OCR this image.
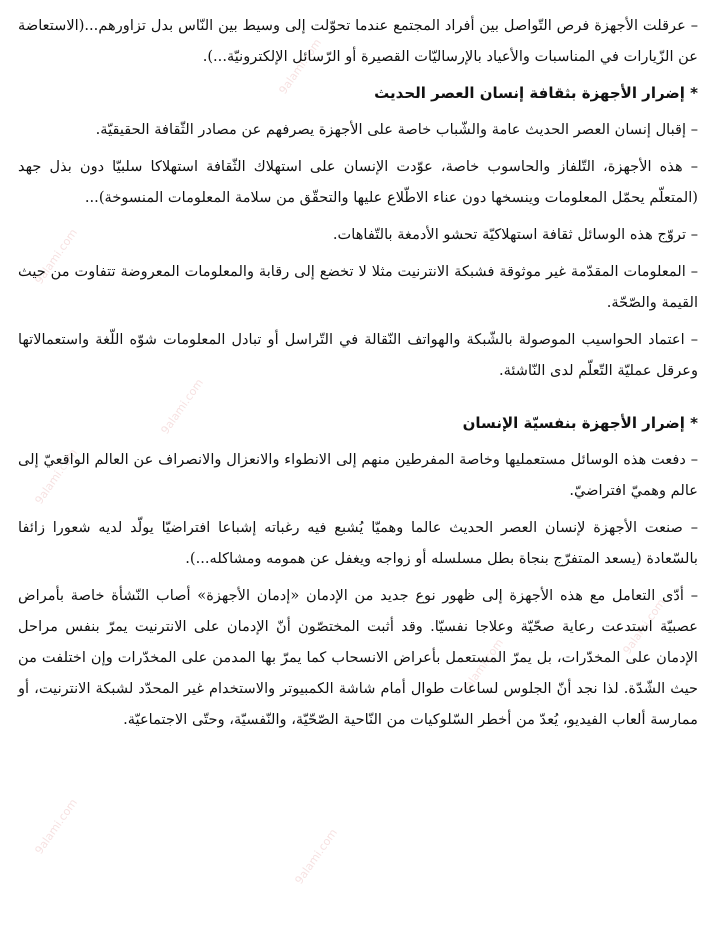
9alami.com
9alami.com
9alami.com
9alami.com
9alami.com
9alami.com
9alami.com	9alami.com

– عرقلت الأجهزة فرص التّواصل بين أفراد المجتمع عندما تحوّلت إلى وسيط بين النّاس بدل تزاورهم...(الاستعاضة عن الزّيارات في المناسبات والأعياد بالإرساليّات القصيرة أو الرّسائل الإلكترونيّة...).

* إضرار الأجهزة بثقافة إنسان العصر الحديث

– إقبال إنسان العصر الحديث عامة والشّباب خاصة على الأجهزة يصرفهم عن مصادر الثّقافة الحقيقيّة.

– هذه الأجهزة، التّلفاز والحاسوب خاصة، عوّدت الإنسان على استهلاك الثّقافة استهلاكا سلبيّا دون بذل جهد (المتعلّم يحمّل المعلومات وينسخها دون عناء الاطّلاع عليها والتحقّق من سلامة المعلومات المنسوخة)...

– تروّج هذه الوسائل ثقافة استهلاكيّة تحشو الأدمغة بالتّفاهات.

– المعلومات المقدّمة غير موثوقة فشبكة الانترنيت مثلا لا تخضع إلى رقابة والمعلومات المعروضة تتفاوت من حيث القيمة والصّحّة.

– اعتماد الحواسيب الموصولة بالشّبكة والهواتف النّقالة في التّراسل أو تبادل المعلومات شوّه اللّغة واستعمالاتها وعرقل عمليّة التّعلّم لدى النّاشئة.

* إضرار الأجهزة بنفسيّة الإنسان

– دفعت هذه الوسائل مستعمليها وخاصة المفرطين منهم إلى الانطواء والانعزال والانصراف عن العالم الواقعيّ إلى عالم وهميّ افتراضيّ.

– صنعت الأجهزة لإنسان العصر الحديث عالما وهميّا يُشبع فيه رغباته إشباعا افتراضيّا يولّد لديه شعورا زائفا بالسّعادة (يسعد المتفرّج بنجاة بطل مسلسله أو زواجه ويغفل عن همومه ومشاكله...).

– أدّى التعامل مع هذه الأجهزة إلى ظهور نوع جديد من الإدمان «إدمان الأجهزة» أصاب النّشأة خاصة بأمراض عصبيّة استدعت رعاية صحّيّة وعلاجا نفسيّا. وقد أثبت المختصّون أنّ الإدمان على الانترنيت يمرّ بنفس مراحل الإدمان على المخدّرات، بل يمرّ المستعمل بأعراض الانسحاب كما يمرّ بها المدمن على المخدّرات وإن اختلفت من حيث الشّدّة. لذا نجد أنّ الجلوس لساعات طوال أمام شاشة الكمبيوتر والاستخدام غير المحدّد لشبكة الانترنيت، أو ممارسة ألعاب الفيديو، يُعدّ من أخطر السّلوكيات من النّاحية الصّحّيّة، والنّفسيّة، وحتّى الاجتماعيّة.
